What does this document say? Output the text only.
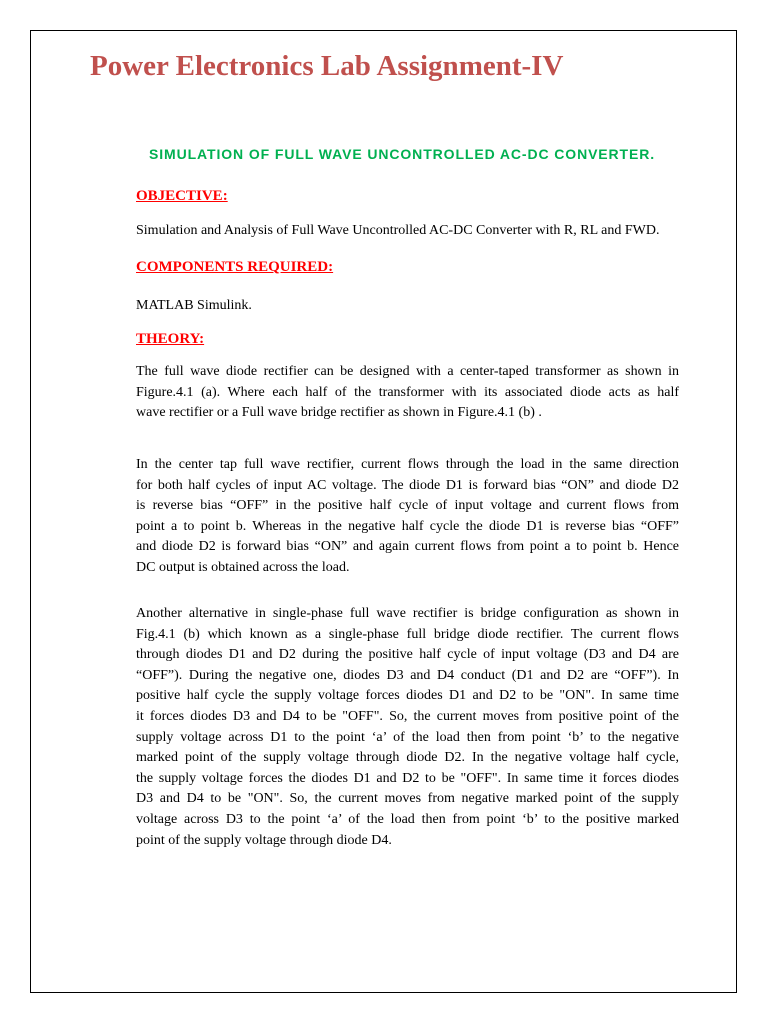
Power Electronics Lab Assignment-IV
SIMULATION OF FULL WAVE UNCONTROLLED AC-DC CONVERTER.
OBJECTIVE:

Simulation and Analysis of Full Wave Uncontrolled AC-DC Converter with R, RL and FWD.

COMPONENTS REQUIRED:

MATLAB Simulink.

THEORY:
The full wave diode rectifier can be designed with a center-taped transformer as shown in
Figure.4.1 (a). Where each half of the transformer with its associated diode acts as half
wave rectifier or a Full wave bridge rectifier as shown in Figure.4.1 (b) .
In the center tap full wave rectifier, current flows through the load in the same direction
for both half cycles of input AC voltage. The diode D1 is forward bias “ON” and diode D2
is reverse bias “OFF” in the positive half cycle of input voltage and current flows from
point a to point b. Whereas in the negative half cycle the diode D1 is reverse bias “OFF”
and diode D2 is forward bias “ON” and again current flows from point a to point b. Hence
DC output is obtained across the load.
Another alternative in single-phase full wave rectifier is bridge configuration as shown in
Fig.4.1 (b) which known as a single-phase full bridge diode rectifier. The current flows
through diodes D1 and D2 during the positive half cycle of input voltage (D3 and D4 are
“OFF”). During the negative one, diodes D3 and D4 conduct (D1 and D2 are “OFF”). In
positive half cycle the supply voltage forces diodes D1 and D2 to be "ON". In same time
it forces diodes D3 and D4 to be "OFF". So, the current moves from positive point of the
supply voltage across D1 to the point ‘a’ of the load then from point ‘b’ to the negative
marked point of the supply voltage through diode D2. In the negative voltage half cycle,
the supply voltage forces the diodes D1 and D2 to be "OFF". In same time it forces diodes
D3 and D4 to be "ON". So, the current moves from negative marked point of the supply
voltage across D3 to the point ‘a’ of the load then from point ‘b’ to the positive marked
point of the supply voltage through diode D4.
